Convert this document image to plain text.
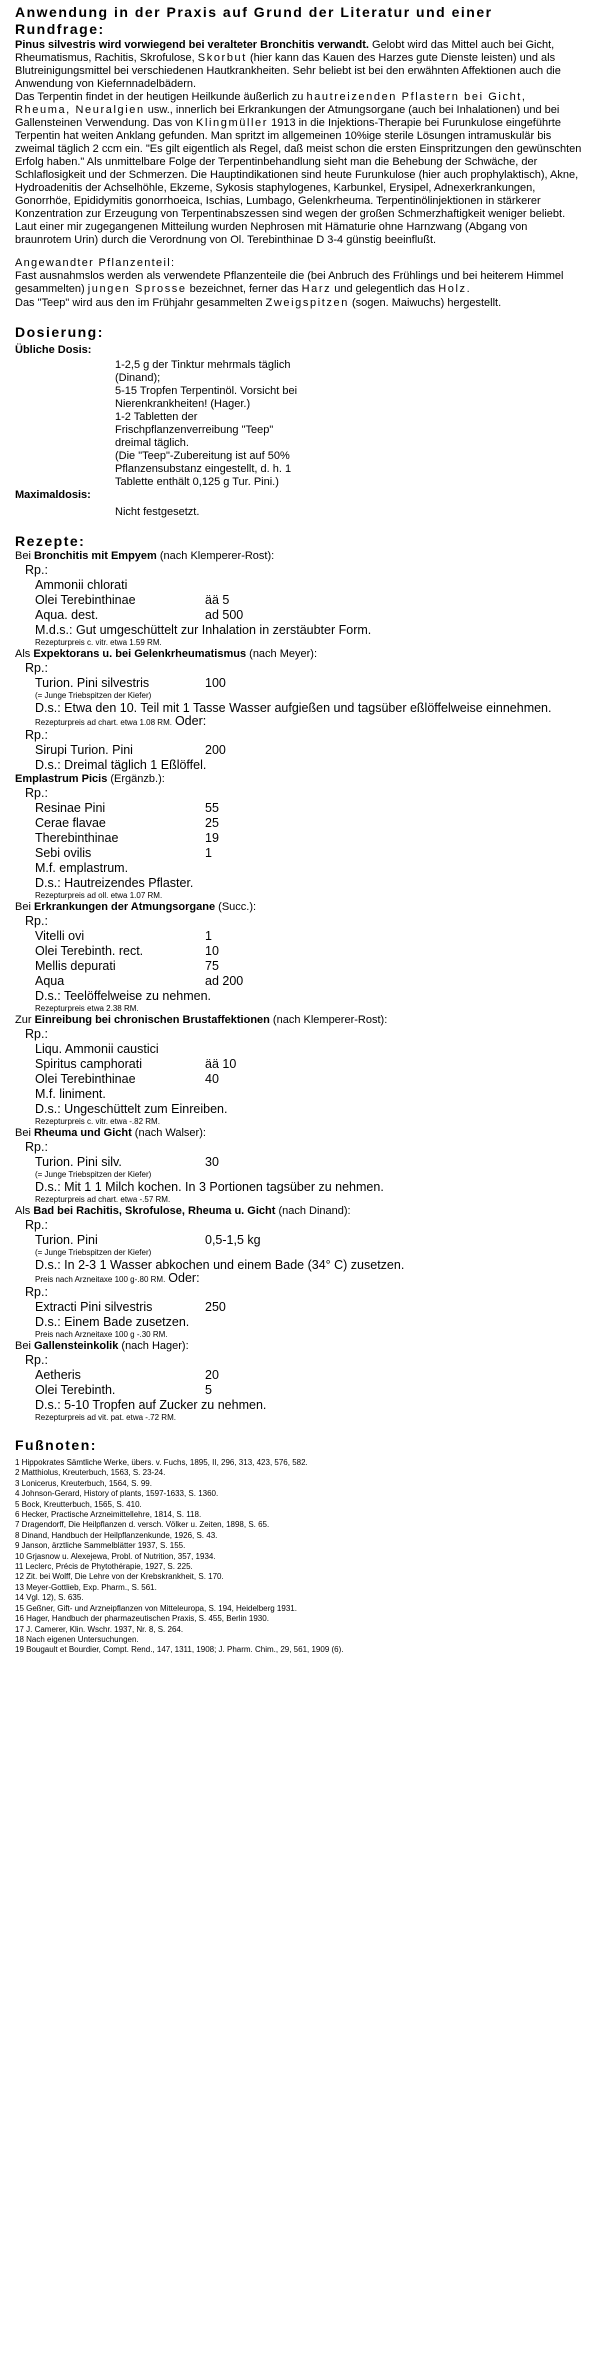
Anwendung in der Praxis auf Grund der Literatur und einer Rundfrage:

Pinus silvestris wird vorwiegend bei veralteter Bronchitis verwandt. Gelobt wird das Mittel auch bei Gicht, Rheumatismus, Rachitis, Skrofulose, Skorbut (hier kann das Kauen des Harzes gute Dienste leisten) und als Blutreinigungsmittel bei verschiedenen Hautkrankheiten. Sehr beliebt ist bei den erwähnten Affektionen auch die Anwendung von Kiefernnadelbädern.

Das Terpentin findet in der heutigen Heilkunde äußerlich zu hautreizenden Pflastern bei Gicht, Rheuma, Neuralgien usw., innerlich bei Erkrankungen der Atmungsorgane (auch bei Inhalationen) und bei Gallensteinen Verwendung. Das von Klingmüller 1913 in die Injektions-Therapie bei Furunkulose eingeführte Terpentin hat weiten Anklang gefunden. Man spritzt im allgemeinen 10%ige sterile Lösungen intramuskulär bis zweimal täglich 2 ccm ein. "Es gilt eigentlich als Regel, daß meist schon die ersten Einspritzungen den gewünschten Erfolg haben." Als unmittelbare Folge der Terpentinbehandlung sieht man die Behebung der Schwäche, der Schlaflosigkeit und der Schmerzen. Die Hauptindikationen sind heute Furunkulose (hier auch prophylaktisch), Akne, Hydroadenitis der Achselhöhle, Ekzeme, Sykosis staphylogenes, Karbunkel, Erysipel, Adnexerkrankungen, Gonorrhöe, Epididymitis gonorrhoeica, Ischias, Lumbago, Gelenkrheuma. Terpentinölinjektionen in stärkerer Konzentration zur Erzeugung von Terpentinabszessen sind wegen der großen Schmerzhaftigkeit weniger beliebt. Laut einer mir zugegangenen Mitteilung wurden Nephrosen mit Hämaturie ohne Harnzwang (Abgang von braunrotem Urin) durch die Verordnung von Ol. Terebinthinae D 3-4 günstig beeinflußt.

Angewandter Pflanzenteil:

Fast ausnahmslos werden als verwendete Pflanzenteile die (bei Anbruch des Frühlings und bei heiterem Himmel gesammelten) jungen Sprosse bezeichnet, ferner das Harz und gelegentlich das Holz.

Das "Teep" wird aus den im Frühjahr gesammelten Zweigspitzen (sogen. Maiwuchs) hergestellt.

Dosierung:
Übliche Dosis:
1-2,5 g der Tinktur mehrmals täglich (Dinand);
5-15 Tropfen Terpentinöl. Vorsicht bei Nierenkrankheiten! (Hager.)
1-2 Tabletten der Frischpflanzenverreibung "Teep" dreimal täglich.
(Die "Teep"-Zubereitung ist auf 50% Pflanzensubstanz eingestellt, d. h. 1 Tablette enthält 0,125 g Tur. Pini.)
Maximaldosis:
Nicht festgesetzt.
Rezepte:

Bei Bronchitis mit Empyem (nach Klemperer-Rost):

Rp.:
Ammonii chlorati
Olei Terebinthinae	ää 5
Aqua. dest.	ad 500
M.d.s.: Gut umgeschüttelt zur Inhalation in zerstäubter Form.
Rezepturpreis c. vitr. etwa 1.59 RM.

Als Expektorans u. bei Gelenkrheumatismus (nach Meyer):

Rp.:
Turion. Pini silvestris	100
(= Junge Triebspitzen der Kiefer)
D.s.: Etwa den 10. Teil mit 1 Tasse Wasser aufgießen und tagsüber eßlöffelweise einnehmen.
Rezepturpreis ad chart. etwa 1.08 RM. Oder:
Rp.:
Sirupi Turion. Pini	200
D.s.: Dreimal täglich 1 Eßlöffel.

Emplastrum Picis (Ergänzb.):

Rp.:
Resinae Pini	55
Cerae flavae	25
Therebinthinae	19
Sebi ovilis	1
M.f. emplastrum.
D.s.: Hautreizendes Pflaster.
Rezepturpreis ad oll. etwa 1.07 RM.

Bei Erkrankungen der Atmungsorgane (Succ.):

Rp.:
Vitelli ovi	1
Olei Terebinth. rect.	10
Mellis depurati	75
Aqua	ad 200
D.s.: Teelöffelweise zu nehmen.
Rezepturpreis etwa 2.38 RM.

Zur Einreibung bei chronischen Brustaffektionen (nach Klemperer-Rost):

Rp.:
Liqu. Ammonii caustici
Spiritus camphorati	ää 10
Olei Terebinthinae	40
M.f. liniment.
D.s.: Ungeschüttelt zum Einreiben.
Rezepturpreis c. vitr. etwa -.82 RM.

Bei Rheuma und Gicht (nach Walser):

Rp.:
Turion. Pini silv.	30
(= Junge Triebspitzen der Kiefer)
D.s.: Mit 1 1 Milch kochen. In 3 Portionen tagsüber zu nehmen.
Rezepturpreis ad chart. etwa -.57 RM.

Als Bad bei Rachitis, Skrofulose, Rheuma u. Gicht (nach Dinand):

Rp.:
Turion. Pini	0,5-1,5 kg
(= Junge Triebspitzen der Kiefer)
D.s.: In 2-3 1 Wasser abkochen und einem Bade (34° C) zusetzen.
Preis nach Arzneitaxe 100 g-.80 RM. Oder:
Rp.:
Extracti Pini silvestris	250
D.s.: Einem Bade zusetzen.
Preis nach Arzneitaxe 100 g -.30 RM.

Bei Gallensteinkolik (nach Hager):

Rp.:
Aetheris	20
Olei Terebinth.	5
D.s.: 5-10 Tropfen auf Zucker zu nehmen.
Rezepturpreis ad vit. pat. etwa -.72 RM.
Fußnoten:
1 Hippokrates Sämtliche Werke, übers. v. Fuchs, 1895, II, 296, 313, 423, 576, 582.
2 Matthiolus, Kreuterbuch, 1563, S. 23-24.
3 Lonicerus, Kreuterbuch, 1564, S. 99.
4 Johnson-Gerard, History of plants, 1597-1633, S. 1360.
5 Bock, Kreutterbuch, 1565, S. 410.
6 Hecker, Practische Arzneimittellehre, 1814, S. 118.
7 Dragendorff, Die Heilpflanzen d. versch. Völker u. Zeiten, 1898, S. 65.
8 Dinand, Handbuch der Heilpflanzenkunde, 1926, S. 43.
9 Janson, ärztliche Sammelblätter 1937, S. 155.
10 Grjasnow u. Alexejewa, Probl. of Nutrition, 357, 1934.
11 Leclerc, Précis de Phytothérapie, 1927, S. 225.
12 Zit. bei Wolff, Die Lehre von der Krebskrankheit, S. 170.
13 Meyer-Gottlieb, Exp. Pharm., S. 561.
14 Vgl. 12), S. 635.
15 Geßner, Gift- und Arzneipflanzen von Mitteleuropa, S. 194, Heidelberg 1931.
16 Hager, Handbuch der pharmazeutischen Praxis, S. 455, Berlin 1930.
17 J. Camerer, Klin. Wschr. 1937, Nr. 8, S. 264.
18 Nach eigenen Untersuchungen.
19 Bougault et Bourdier, Compt. Rend., 147, 1311, 1908; J. Pharm. Chim., 29, 561, 1909 (6).
